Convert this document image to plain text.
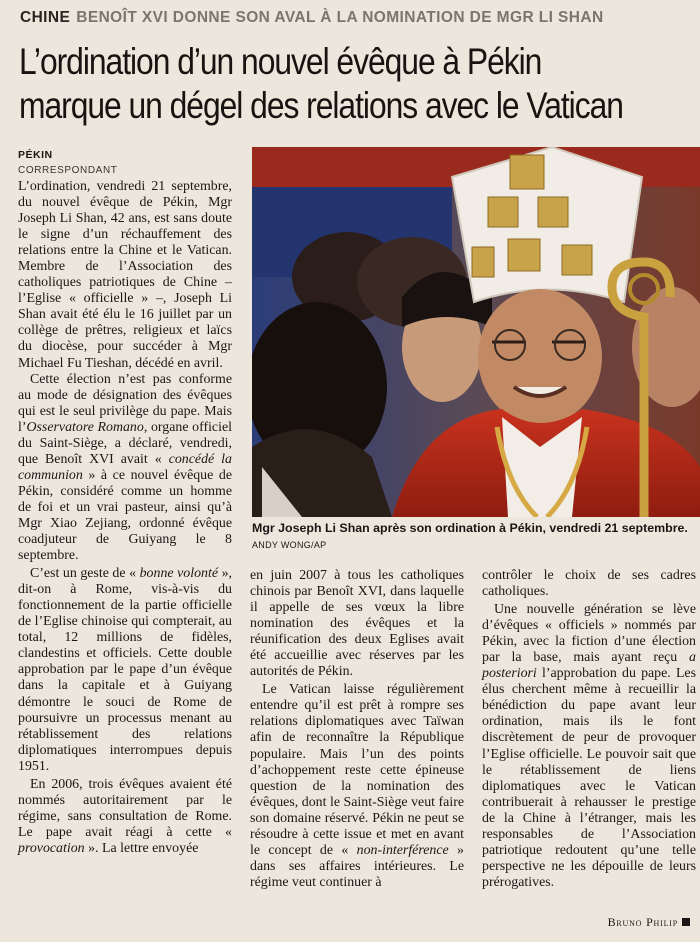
CHINE BENOÎT XVI DONNE SON AVAL À LA NOMINATION DE MGR LI SHAN
L’ordination d’un nouvel évêque à Pékin
marque un dégel des relations avec le Vatican
PÉKIN
CORRESPONDANT

L’ordination, vendredi 21 septembre, du nouvel évêque de Pékin, Mgr Joseph Li Shan, 42 ans, est sans doute le signe d’un réchauffement des relations entre la Chine et le Vatican. Membre de l’Association des catholiques patriotiques de Chine – l’Eglise « officielle » –, Joseph Li Shan avait été élu le 16 juillet par un collège de prêtres, religieux et laïcs du diocèse, pour succéder à Mgr Michael Fu Tieshan, décédé en avril.

Cette élection n’est pas conforme au mode de désignation des évêques qui est le seul privilège du pape. Mais l’Osservatore Romano, organe officiel du Saint-Siège, a déclaré, vendredi, que Benoît XVI avait « concédé la communion » à ce nouvel évêque de Pékin, considéré comme un homme de foi et un vrai pasteur, ainsi qu’à Mgr Xiao Zejiang, ordonné évêque coadjuteur de Guiyang le 8 septembre.

C’est un geste de « bonne volonté », dit-on à Rome, vis-à-vis du fonctionnement de la partie officielle de l’Eglise chinoise qui compterait, au total, 12 millions de fidèles, clandestins et officiels. Cette double approbation par le pape d’un évêque dans la capitale et à Guiyang démontre le souci de Rome de poursuivre un processus menant au rétablissement des relations diplomatiques interrompues depuis 1951.

En 2006, trois évêques avaient été nommés autoritairement par le régime, sans consultation de Rome. Le pape avait réagi à cette « provocation ». La lettre envoyée

Mgr Joseph Li Shan après son ordination à Pékin, vendredi 21 septembre. ANDY WONG/AP

en juin 2007 à tous les catholiques chinois par Benoît XVI, dans laquelle il appelle de ses vœux la libre nomination des évêques et la réunification des deux Eglises avait été accueillie avec réserves par les autorités de Pékin.

Le Vatican laisse régulièrement entendre qu’il est prêt à rompre ses relations diplomatiques avec Taïwan afin de reconnaître la République populaire. Mais l’un des points d’achoppement reste cette épineuse question de la nomination des évêques, dont le Saint-Siège veut faire son domaine réservé. Pékin ne peut se résoudre à cette issue et met en avant le concept de « non-interférence » dans ses affaires intérieures. Le régime veut continuer à

contrôler le choix de ses cadres catholiques.

Une nouvelle génération se lève d’évêques « officiels » nommés par Pékin, avec la fiction d’une élection par la base, mais ayant reçu a posteriori l’approbation du pape. Les élus cherchent même à recueillir la bénédiction du pape avant leur ordination, mais ils le font discrètement de peur de provoquer l’Eglise officielle. Le pouvoir sait que le rétablissement de liens diplomatiques avec le Vatican contribuerait à rehausser le prestige de la Chine à l’étranger, mais les responsables de l’Association patriotique redoutent qu’une telle perspective ne les dépouille de leurs prérogatives.

Bruno Philip
